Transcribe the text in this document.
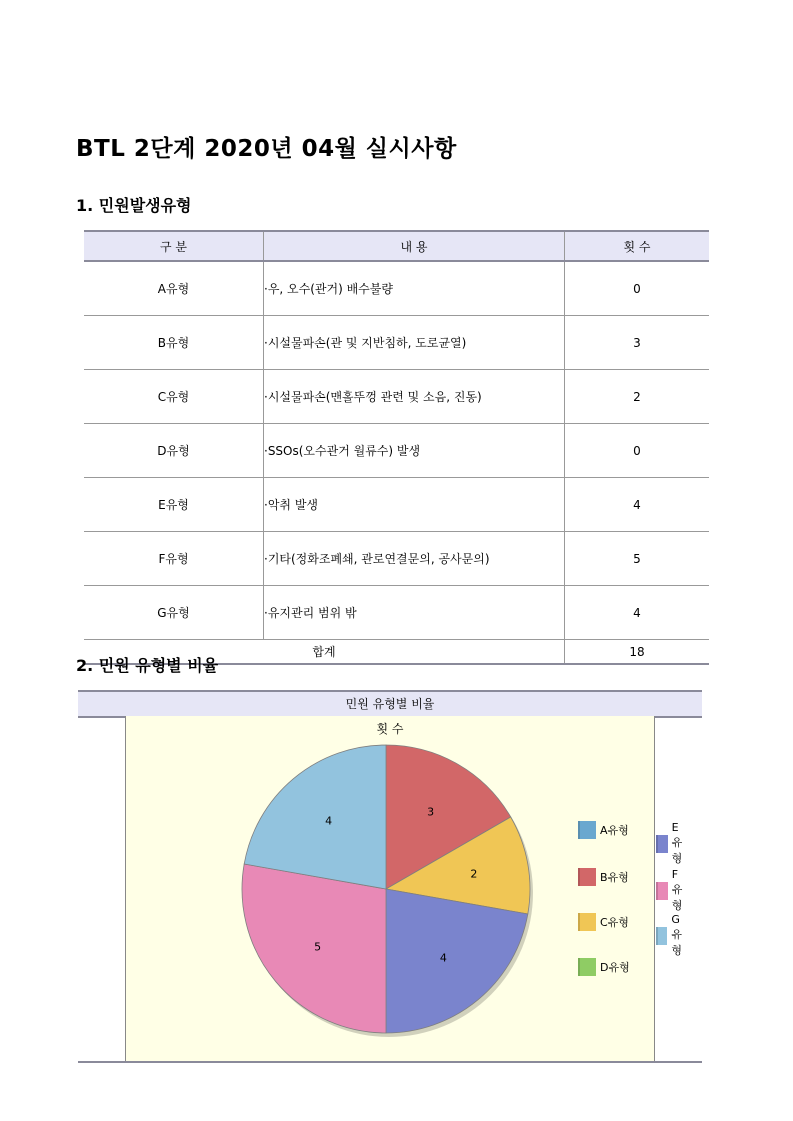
BTL 2단계 2020년 04월 실시사항
1. 민원발생유형
구 분	내 용	횟 수
A유형	·우, 오수(관거) 배수불량	0
B유형	·시설물파손(관 및 지반침하, 도로균열)	3
C유형	·시설물파손(맨홀뚜껑 관련 및 소음, 진동)	2
D유형	·SSOs(오수관거 월류수) 발생	0
E유형	·악취 발생	4
F유형	·기타(정화조폐쇄, 관로연결문의, 공사문의)	5
G유형	·유지관리 범위 밖	4
합계		18
2. 민원 유형별 비율
민원 유형별 비율
횟 수
3
2
4
5
4
A유형
B유형
C유형
D유형
E유형
F유형
G유형
